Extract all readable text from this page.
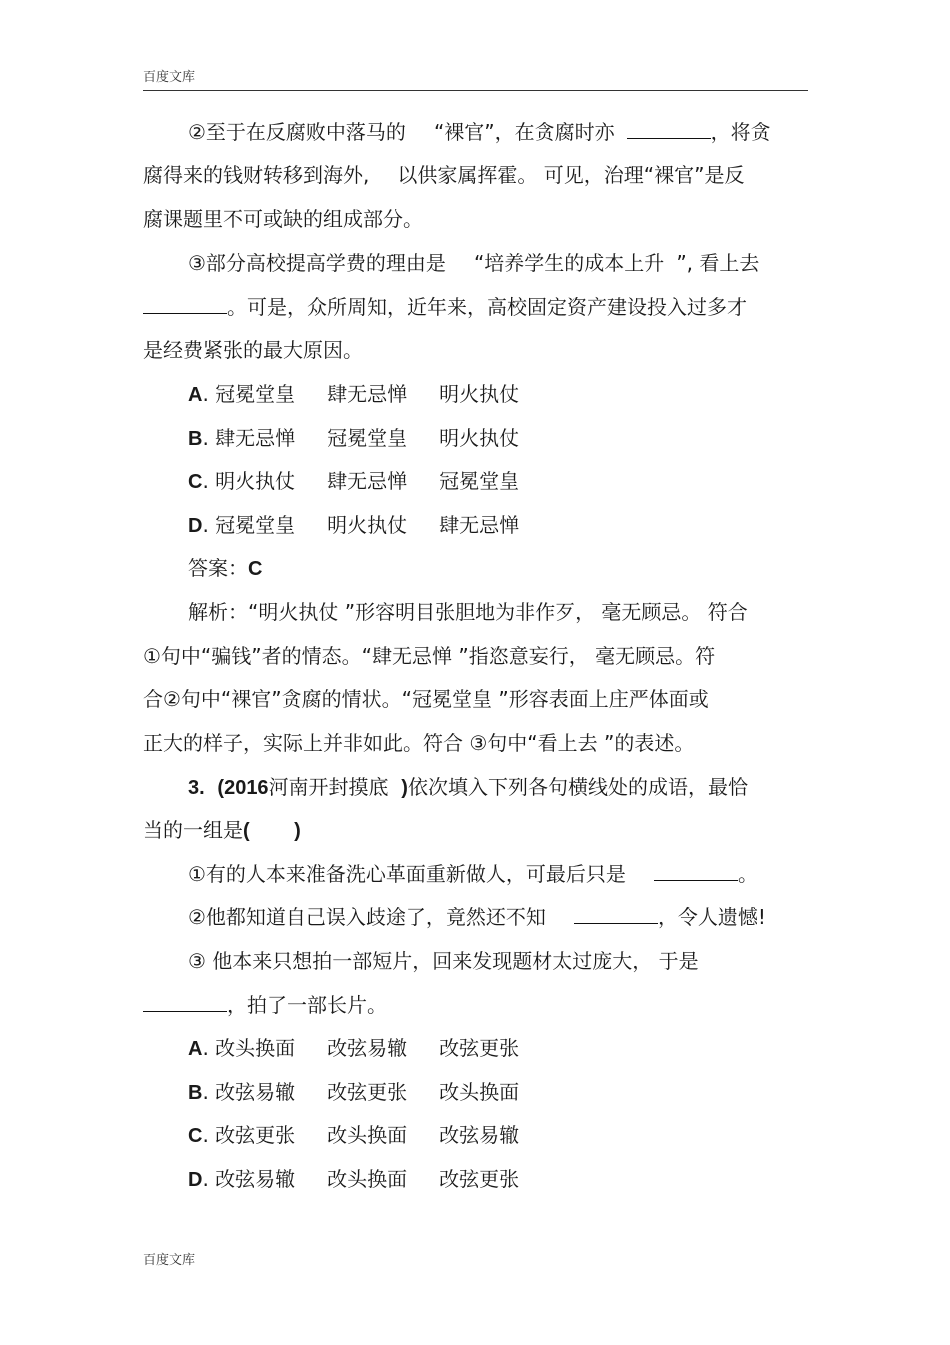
百度文库
②至于在反腐败中落马的 “裸官”，在贪腐时亦	，将贪
腐得来的钱财转移到海外, 以供家属挥霍。 可见，治理“裸官”是反
腐课题里不可或缺的组成部分。
③部分高校提高学费的理由是 “培养学生的成本上升 ”, 看上去
。可是，众所周知，近年来，高校固定资产建设投入过多才
是经费紧张的最大原因。
A. 冠冕堂皇 肆无忌惮 明火执仗
B. 肆无忌惮 冠冕堂皇 明火执仗
C. 明火执仗 肆无忌惮 冠冕堂皇
D. 冠冕堂皇 明火执仗 肆无忌惮
答案：C
解析：“明火执仗 ”形容明目张胆地为非作歹， 毫无顾忌。 符合
①句中“骗钱”者的情态。“肆无忌惮 ”指恣意妄行， 毫无顾忌。符
合②句中“裸官”贪腐的情状。“冠冕堂皇 ”形容表面上庄严体面或
正大的样子，实际上并非如此。符合 ③句中“看上去 ”的表述。
3. (2016河南开封摸底 )依次填入下列各句横线处的成语，最恰
当的一组是(        )
①有的人本来准备洗心革面重新做人，可最后只是	。
②他都知道自己误入歧途了，竟然还不知	，令人遗憾!
③ 他本来只想拍一部短片，回来发现题材太过庞大， 于是
，拍了一部长片。
A. 改头换面 改弦易辙 改弦更张
B. 改弦易辙 改弦更张 改头换面
C. 改弦更张 改头换面 改弦易辙
D. 改弦易辙 改头换面 改弦更张
百度文库
